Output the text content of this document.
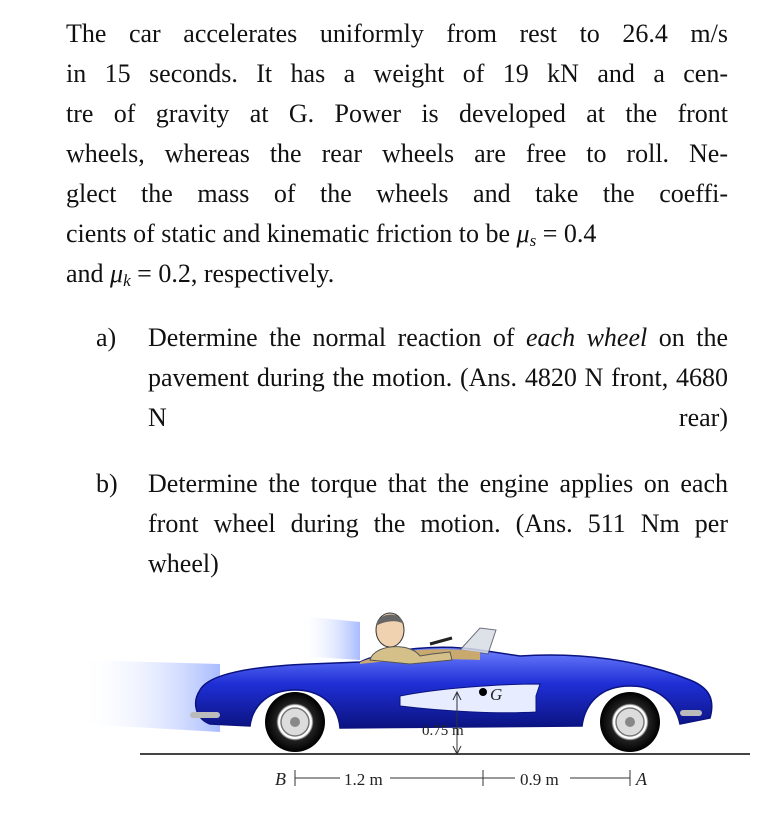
The car accelerates uniformly from rest to 26.4 m/s
in 15 seconds. It has a weight of 19 kN and a cen-
tre of gravity at G. Power is developed at the front
wheels, whereas the rear wheels are free to roll. Ne-
glect the mass of the wheels and take the coeffi-
cients of static and kinematic friction to be $\mu_s = 0.4$
and $\mu_k = 0.2$, respectively.
a) Determine the normal reaction of each wheel on the pavement during the motion. (Ans. 4820 N front, 4680 N rear)
b) Determine the torque that the engine applies on each front wheel during the motion. (Ans. 511 Nm per wheel)
G
0.75 m
B	1.2 m	0.9 m	A
